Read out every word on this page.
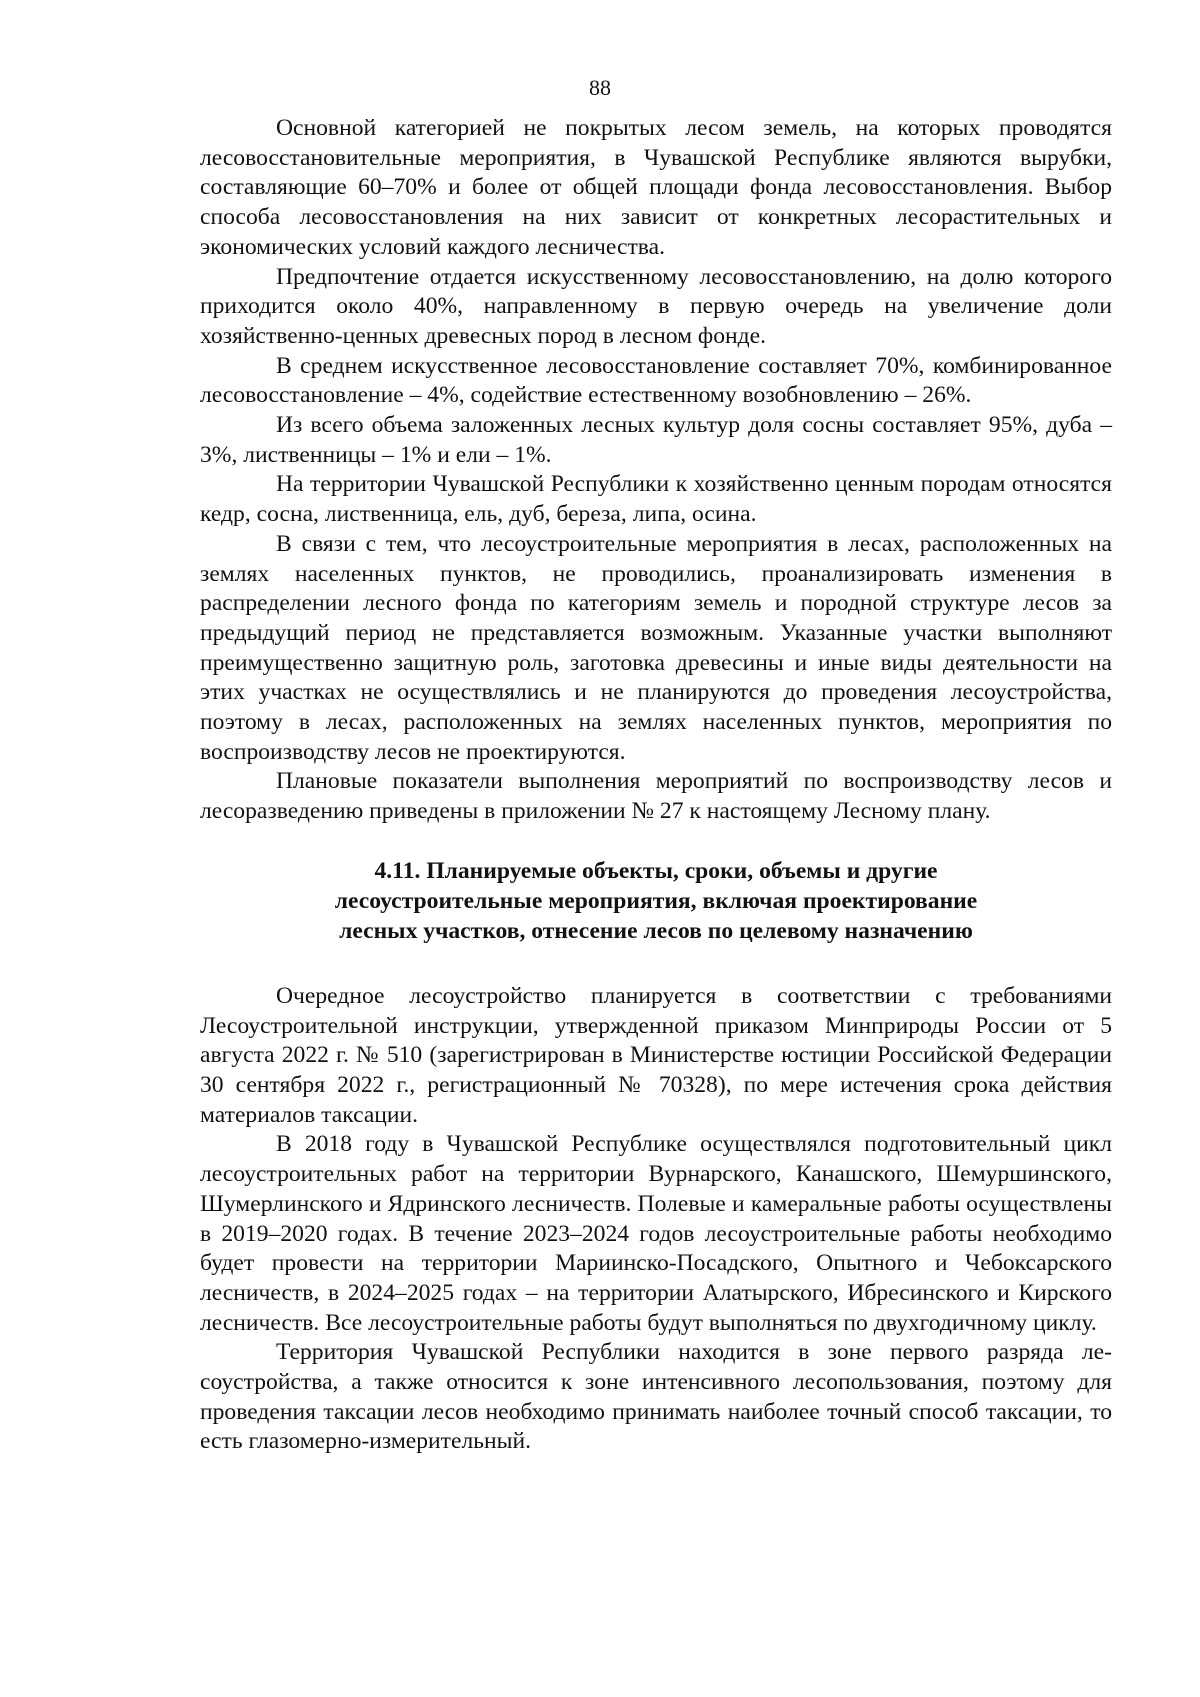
88

Основной категорией не покрытых лесом земель, на которых проводятся лесовосстановительные мероприятия, в Чувашской Республике являются вырубки, составляющие 60–70% и более от общей площади фонда лесовосстановления. Выбор способа лесовосстановления на них зависит от конкретных лесорастительных и экономических условий каждого лесничества.

Предпочтение отдается искусственному лесовосстановлению, на долю которого приходится около 40%, направленному в первую очередь на увеличение доли хозяйственно-ценных древесных пород в лесном фонде.

В среднем искусственное лесовосстановление составляет 70%, комбинированное лесовосстановление – 4%, содействие естественному возобновлению – 26%.

Из всего объема заложенных лесных культур доля сосны составляет 95%, дуба – 3%, лиственницы – 1% и ели – 1%.

На территории Чувашской Республики к хозяйственно ценным породам относятся кедр, сосна, лиственница, ель, дуб, береза, липа, осина.

В связи с тем, что лесоустроительные мероприятия в лесах, расположенных на землях населенных пунктов, не проводились, проанализировать изменения в распределении лесного фонда по категориям земель и породной структуре лесов за предыдущий период не представляется возможным. Указанные участки выполняют преимущественно защитную роль, заготовка древесины и иные виды деятельности на этих участках не осуществлялись и не планируются до проведения лесоустройства, поэтому в лесах, расположенных на землях населенных пунктов, мероприятия по воспроизводству лесов не проектируются.

Плановые показатели выполнения мероприятий по воспроизводству лесов и лесоразведению приведены в приложении № 27 к настоящему Лесному плану.

4.11. Планируемые объекты, сроки, объемы и другие
лесоустроительные мероприятия, включая проектирование
лесных участков, отнесение лесов по целевому назначению

Очередное лесоустройство планируется в соответствии с требованиями Лесоустроительной инструкции, утвержденной приказом Минприроды России от 5 августа 2022 г. № 510 (зарегистрирован в Министерстве юстиции Российской Федерации 30 сентября 2022 г., регистрационный № 70328), по мере истечения срока действия материалов таксации.

В 2018 году в Чувашской Республике осуществлялся подготовительный цикл лесоустроительных работ на территории Вурнарского, Канашского, Шемуршинского, Шумерлинского и Ядринского лесничеств. Полевые и камеральные работы осуществлены в 2019–2020 годах. В течение 2023–2024 годов лесоустроительные работы необходимо будет провести на территории Мариинско-Посадского, Опытного и Чебоксарского лесничеств, в 2024–2025 годах – на территории Алатырского, Ибресинского и Кирского лесничеств. Все лесоустроительные работы будут выполняться по двухгодичному циклу.

Территория Чувашской Республики находится в зоне первого разряда лесоустройства, а также относится к зоне интенсивного лесопользования, поэтому для проведения таксации лесов необходимо принимать наиболее точный способ таксации, то есть глазомерно-измерительный.
